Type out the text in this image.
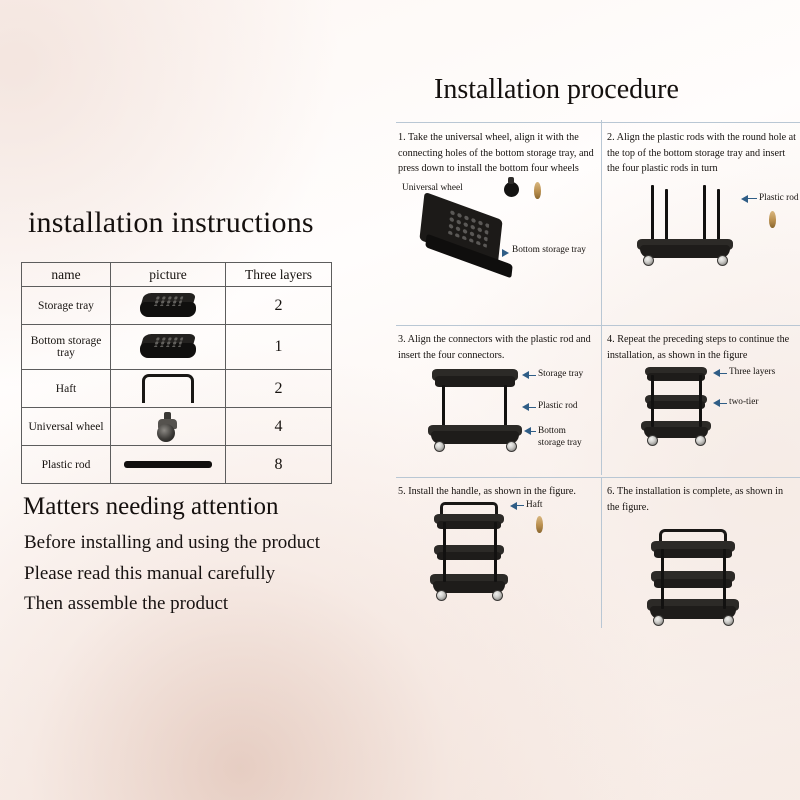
installation instructions
name	picture	Three layers
Storage tray		2
Bottom storage tray		1
Haft		2
Universal wheel		4
Plastic rod		8
Matters needing attention
Before installing and using the product
Please read this manual carefully
Then assemble the product
Installation procedure
1. Take the universal wheel, align it with the connecting holes of the bottom storage tray, and press down to install the bottom four wheels
Universal wheel
Bottom storage tray
2. Align the plastic rods with the round hole at the top of the bottom storage tray and insert the four plastic rods in turn
Plastic rod
3. Align the connectors with the plastic rod and insert the four connectors.
Storage tray
Plastic rod
Bottom storage tray
4. Repeat the preceding steps to continue the installation, as shown in the figure
Three layers
two-tier
5. Install the handle, as shown in the figure.
Haft
6. The installation is complete, as shown in the figure.
